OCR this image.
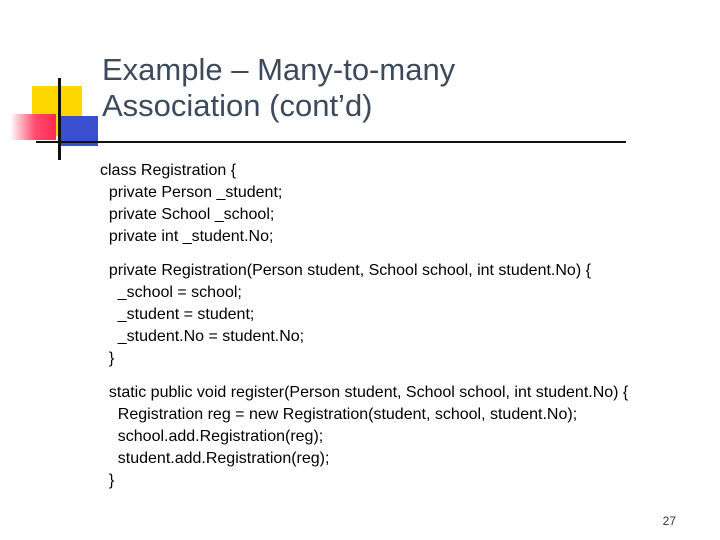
Example – Many-to-many
Association (cont’d)
class Registration {
private Person _student;
private School _school;
private int _student.No;
private Registration(Person student, School school, int student.No) {
_school = school;
_student = student;
_student.No = student.No;
}
static public void register(Person student, School school, int student.No) {
Registration reg = new Registration(student, school, student.No);
school.add.Registration(reg);
student.add.Registration(reg);
}
27
